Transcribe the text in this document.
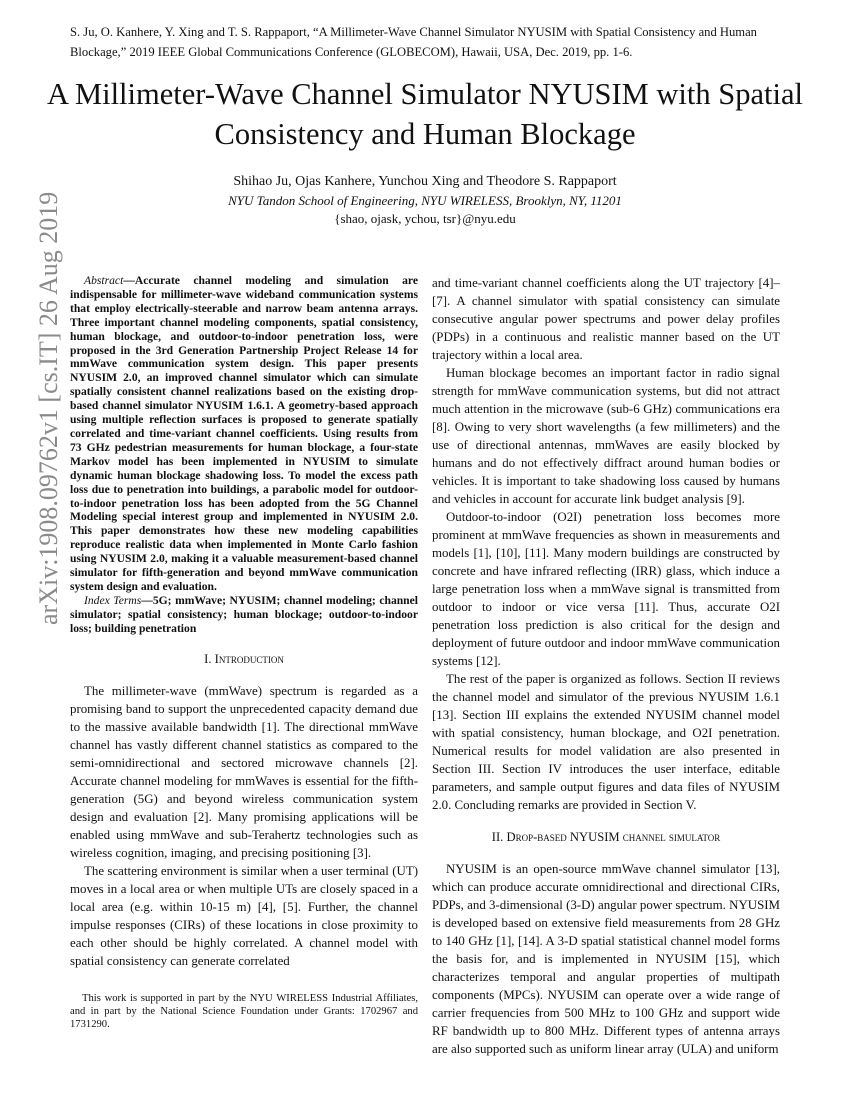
S. Ju, O. Kanhere, Y. Xing and T. S. Rappaport, “A Millimeter-Wave Channel Simulator NYUSIM with Spatial Consistency and Human Blockage,” 2019 IEEE Global Communications Conference (GLOBECOM), Hawaii, USA, Dec. 2019, pp. 1-6.
A Millimeter-Wave Channel Simulator NYUSIM with Spatial Consistency and Human Blockage
Shihao Ju, Ojas Kanhere, Yunchou Xing and Theodore S. Rappaport
NYU Tandon School of Engineering, NYU WIRELESS, Brooklyn, NY, 11201
{shao, ojask, ychou, tsr}@nyu.edu
arXiv:1908.09762v1 [cs.IT] 26 Aug 2019	Abstract—Accurate channel modeling and simulation are indispensable for millimeter-wave wideband communication systems that employ electrically-steerable and narrow beam antenna arrays. Three important channel modeling components, spatial consistency, human blockage, and outdoor-to-indoor penetration loss, were proposed in the 3rd Generation Partnership Project Release 14 for mmWave communication system design. This paper presents NYUSIM 2.0, an improved channel simulator which can simulate spatially consistent channel realizations based on the existing drop-based channel simulator NYUSIM 1.6.1. A geometry-based approach using multiple reflection surfaces is proposed to generate spatially correlated and time-variant channel coefficients. Using results from 73 GHz pedestrian measurements for human blockage, a four-state Markov model has been implemented in NYUSIM to simulate dynamic human blockage shadowing loss. To model the excess path loss due to penetration into buildings, a parabolic model for outdoor-to-indoor penetration loss has been adopted from the 5G Channel Modeling special interest group and implemented in NYUSIM 2.0. This paper demonstrates how these new modeling capabilities reproduce realistic data when implemented in Monte Carlo fashion using NYUSIM 2.0, making it a valuable measurement-based channel simulator for fifth-generation and beyond mmWave communication system design and evaluation.

Index Terms—5G; mmWave; NYUSIM; channel modeling; channel simulator; spatial consistency; human blockage; outdoor-to-indoor loss; building penetration

I. Introduction

The millimeter-wave (mmWave) spectrum is regarded as a promising band to support the unprecedented capacity demand due to the massive available bandwidth [1]. The directional mmWave channel has vastly different channel statistics as compared to the semi-omnidirectional and sectored microwave channels [2]. Accurate channel modeling for mmWaves is essential for the fifth-generation (5G) and beyond wireless communication system design and evaluation [2]. Many promising applications will be enabled using mmWave and sub-Terahertz technologies such as wireless cognition, imaging, and precising positioning [3].

The scattering environment is similar when a user terminal (UT) moves in a local area or when multiple UTs are closely spaced in a local area (e.g. within 10-15 m) [4], [5]. Further, the channel impulse responses (CIRs) of these locations in close proximity to each other should be highly correlated. A channel model with spatial consistency can generate correlated

and time-variant channel coefficients along the UT trajectory [4]–[7]. A channel simulator with spatial consistency can simulate consecutive angular power spectrums and power delay profiles (PDPs) in a continuous and realistic manner based on the UT trajectory within a local area.

Human blockage becomes an important factor in radio signal strength for mmWave communication systems, but did not attract much attention in the microwave (sub-6 GHz) communications era [8]. Owing to very short wavelengths (a few millimeters) and the use of directional antennas, mmWaves are easily blocked by humans and do not effectively diffract around human bodies or vehicles. It is important to take shadowing loss caused by humans and vehicles in account for accurate link budget analysis [9].

Outdoor-to-indoor (O2I) penetration loss becomes more prominent at mmWave frequencies as shown in measurements and models [1], [10], [11]. Many modern buildings are constructed by concrete and have infrared reflecting (IRR) glass, which induce a large penetration loss when a mmWave signal is transmitted from outdoor to indoor or vice versa [11]. Thus, accurate O2I penetration loss prediction is also critical for the design and deployment of future outdoor and indoor mmWave communication systems [12].

The rest of the paper is organized as follows. Section II reviews the channel model and simulator of the previous NYUSIM 1.6.1 [13]. Section III explains the extended NYUSIM channel model with spatial consistency, human blockage, and O2I penetration. Numerical results for model validation are also presented in Section III. Section IV introduces the user interface, editable parameters, and sample output figures and data files of NYUSIM 2.0. Concluding remarks are provided in Section V.

II. Drop-based NYUSIM channel simulator

NYUSIM is an open-source mmWave channel simulator [13], which can produce accurate omnidirectional and directional CIRs, PDPs, and 3-dimensional (3-D) angular power spectrum. NYUSIM is developed based on extensive field measurements from 28 GHz to 140 GHz [1], [14]. A 3-D spatial statistical channel model forms the basis for, and is implemented in NYUSIM [15], which characterizes temporal and angular properties of multipath components (MPCs). NYUSIM can operate over a wide range of carrier frequencies from 500 MHz to 100 GHz and support wide RF bandwidth up to 800 MHz. Different types of antenna arrays are also supported such as uniform linear array (ULA) and uniform

This work is supported in part by the NYU WIRELESS Industrial Affiliates, and in part by the National Science Foundation under Grants: 1702967 and 1731290.
